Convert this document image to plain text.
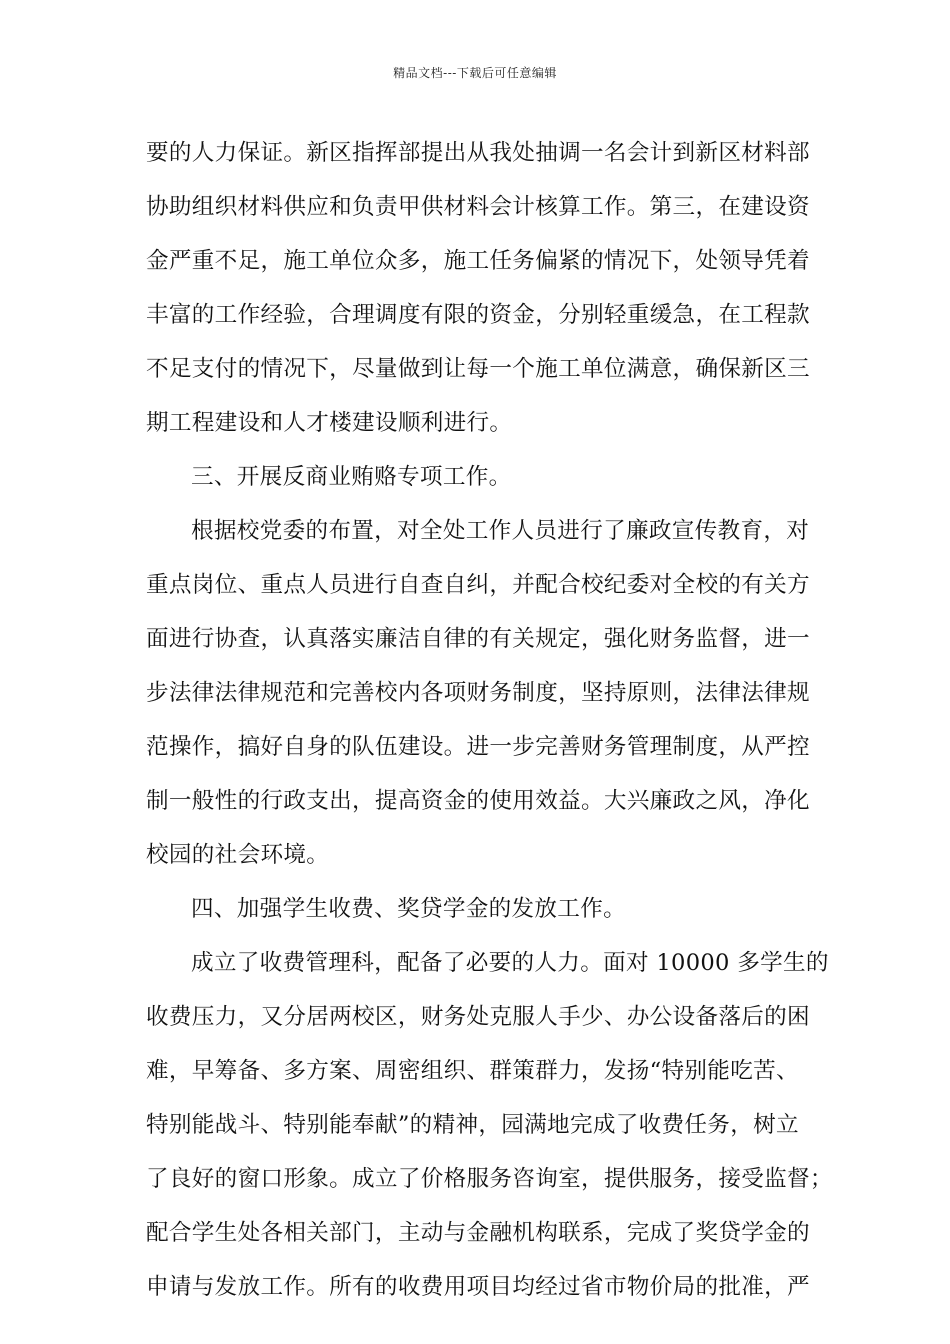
精品文档---下载后可任意编辑
要的人力保证。新区指挥部提出从我处抽调一名会计到新区材料部
协助组织材料供应和负责甲供材料会计核算工作。第三，在建设资
金严重不足，施工单位众多，施工任务偏紧的情况下，处领导凭着
丰富的工作经验，合理调度有限的资金，分别轻重缓急，在工程款
不足支付的情况下，尽量做到让每一个施工单位满意，确保新区三
期工程建设和人才楼建设顺利进行。
三、开展反商业贿赂专项工作。
根据校党委的布置，对全处工作人员进行了廉政宣传教育，对
重点岗位、重点人员进行自查自纠，并配合校纪委对全校的有关方
面进行协查，认真落实廉洁自律的有关规定，强化财务监督，进一
步法律法律规范和完善校内各项财务制度，坚持原则，法律法律规
范操作，搞好自身的队伍建设。进一步完善财务管理制度，从严控
制一般性的行政支出，提高资金的使用效益。大兴廉政之风，净化
校园的社会环境。
四、加强学生收费、奖贷学金的发放工作。
成立了收费管理科，配备了必要的人力。面对 10000 多学生的
收费压力，又分居两校区，财务处克服人手少、办公设备落后的困
难，早筹备、多方案、周密组织、群策群力，发扬“特别能吃苦、
特别能战斗、特别能奉献”的精神，园满地完成了收费任务，树立
了良好的窗口形象。成立了价格服务咨询室，提供服务，接受监督；
配合学生处各相关部门，主动与金融机构联系，完成了奖贷学金的
申请与发放工作。所有的收费用项目均经过省市物价局的批准，严
